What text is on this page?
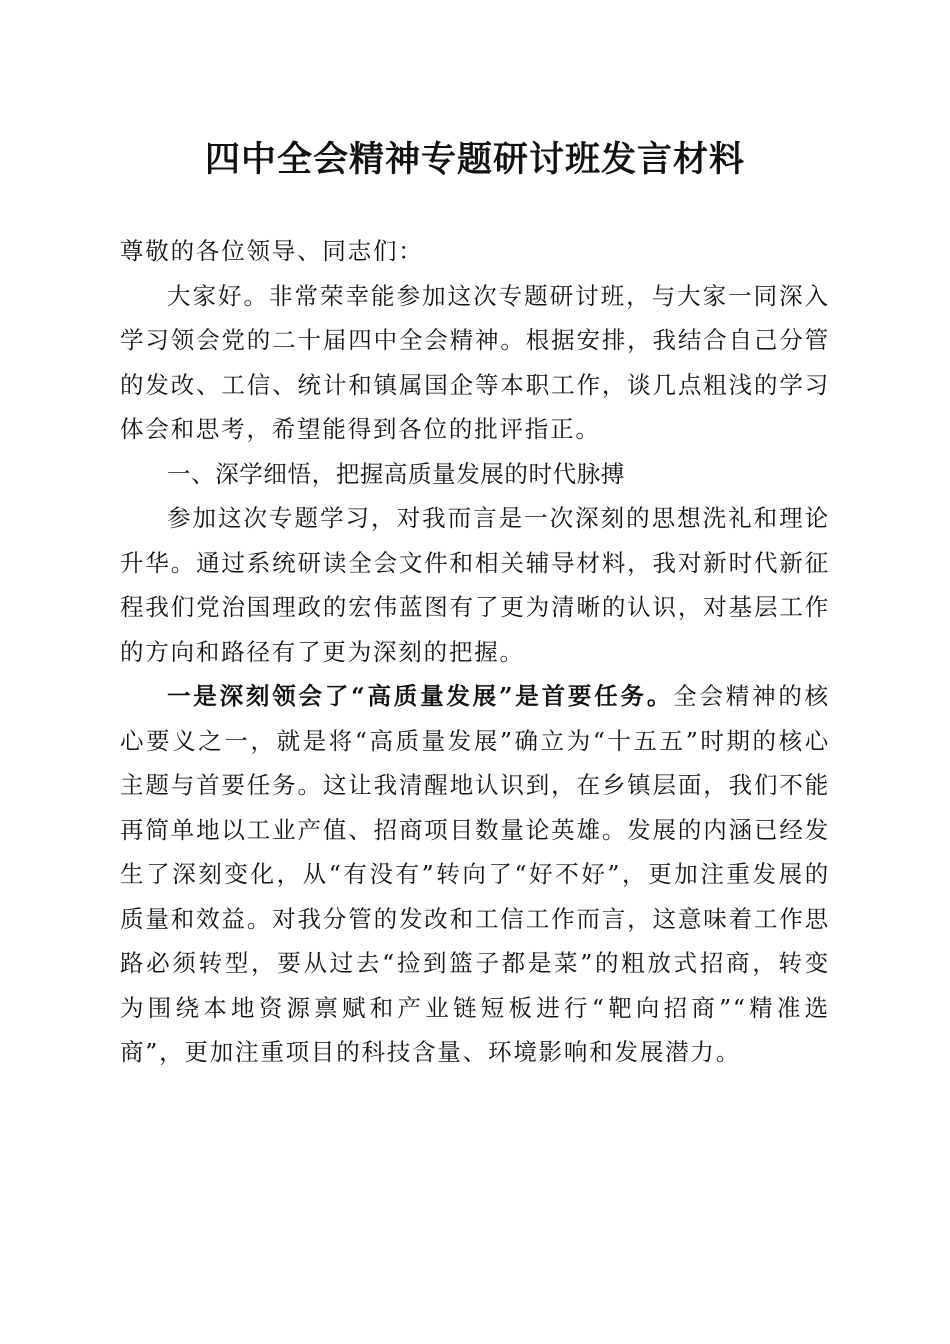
四中全会精神专题研讨班发言材料

尊敬的各位领导、同志们：

大家好。非常荣幸能参加这次专题研讨班，与大家一同深入学习领会党的二十届四中全会精神。根据安排，我结合自己分管的发改、工信、统计和镇属国企等本职工作，谈几点粗浅的学习体会和思考，希望能得到各位的批评指正。

一、深学细悟，把握高质量发展的时代脉搏

参加这次专题学习，对我而言是一次深刻的思想洗礼和理论升华。通过系统研读全会文件和相关辅导材料，我对新时代新征程我们党治国理政的宏伟蓝图有了更为清晰的认识，对基层工作的方向和路径有了更为深刻的把握。

一是深刻领会了“高质量发展”是首要任务。全会精神的核心要义之一，就是将“高质量发展”确立为“十五五”时期的核心主题与首要任务。这让我清醒地认识到，在乡镇层面，我们不能再简单地以工业产值、招商项目数量论英雄。发展的内涵已经发生了深刻变化，从“有没有”转向了“好不好”，更加注重发展的质量和效益。对我分管的发改和工信工作而言，这意味着工作思路必须转型，要从过去“捡到篮子都是菜”的粗放式招商，转变为围绕本地资源禀赋和产业链短板进行“靶向招商”“精准选商”，更加注重项目的科技含量、环境影响和发展潜力。
